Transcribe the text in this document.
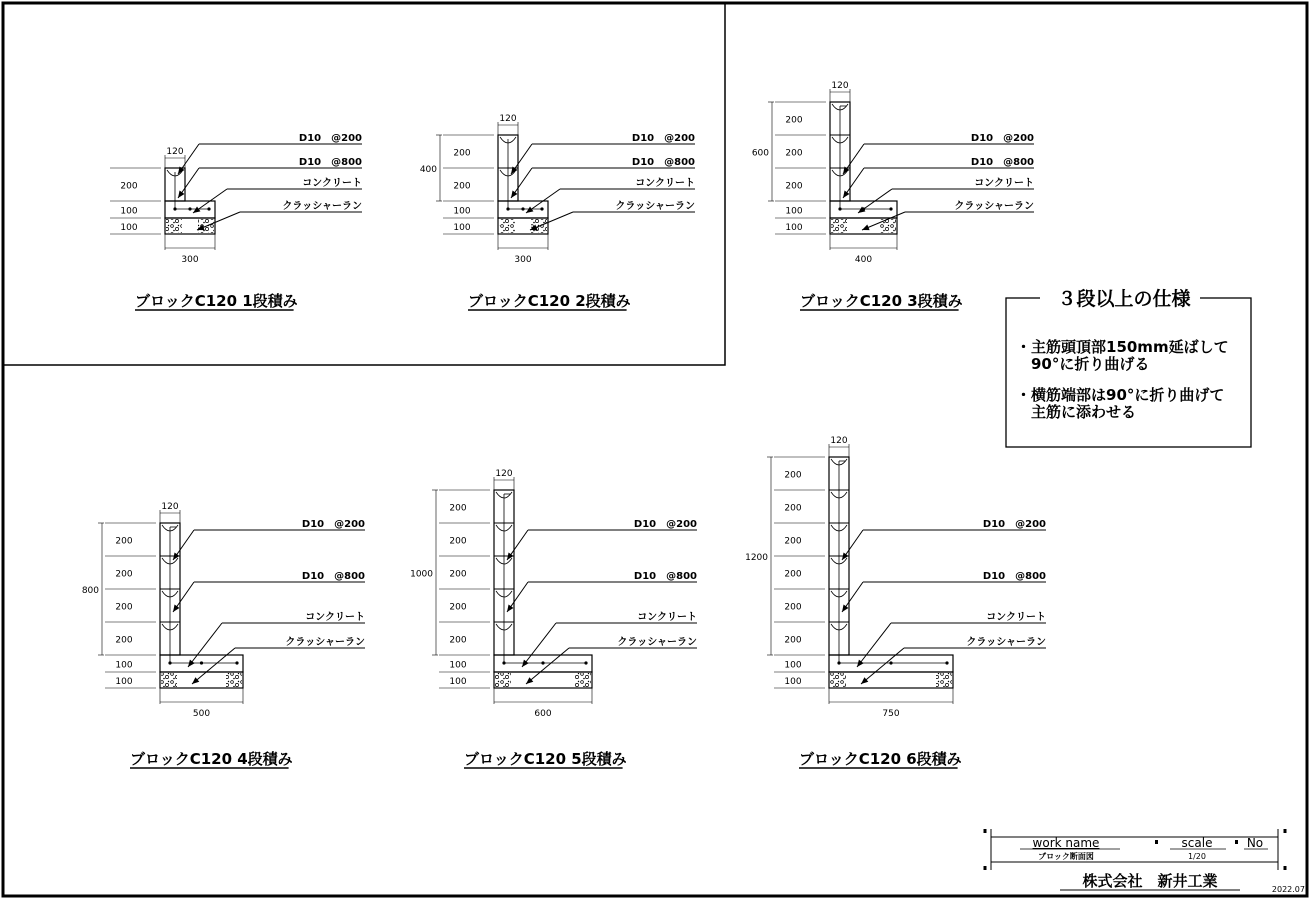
120
300
200
100
100
D10　@200
D10　@800
コンクリート
クラッシャーラン
ブロックC120 1段積み
120
300
200
200
100
100
400
D10　@200
D10　@800
コンクリート
クラッシャーラン
ブロックC120 2段積み
120
400
200
200
200
100
100
600
D10　@200
D10　@800
コンクリート
クラッシャーラン
ブロックC120 3段積み
120
500
200
200
200
200
100
100
800
D10　@200
D10　@800
コンクリート
クラッシャーラン
ブロックC120 4段積み
120
600
200
200
200
200
200
100
100
1000
D10　@200
D10　@800
コンクリート
クラッシャーラン
ブロックC120 5段積み
120
750
200
200
200
200
200
200
100
100
1200
D10　@200
D10　@800
コンクリート
クラッシャーラン
ブロックC120 6段積み
３段以上の仕様
・主筋頭頂部150mm延ばして　90°に折り曲げる
・横筋端部は90°に折り曲げて　主筋に添わせる
work name
ブロック断面図
scale
1/20
No
株式会社　新井工業	2022.07
